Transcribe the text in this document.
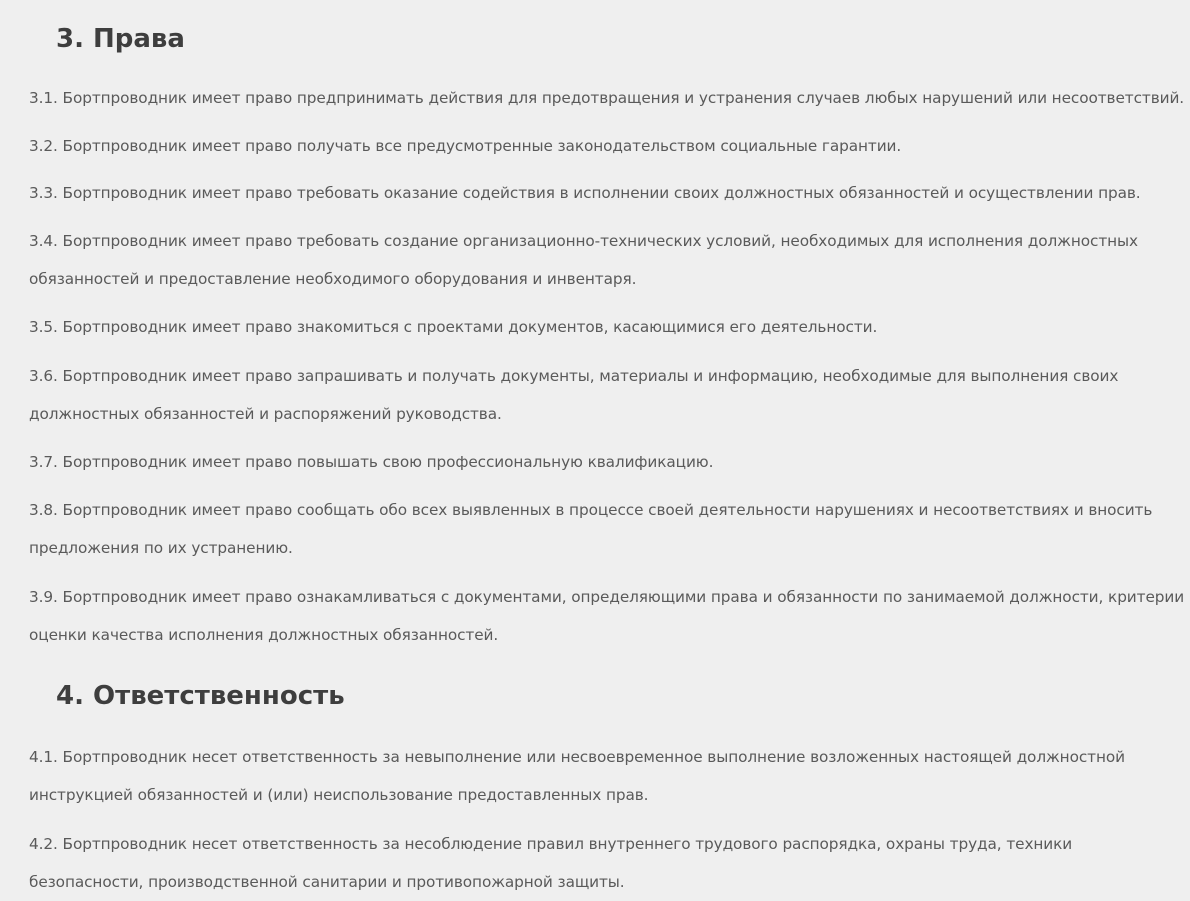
3. Права

3.1. Бортпроводник имеет право предпринимать действия для предотвращения и устранения случаев любых нарушений или несоответствий.

3.2. Бортпроводник имеет право получать все предусмотренные законодательством социальные гарантии.

3.3. Бортпроводник имеет право требовать оказание содействия в исполнении своих должностных обязанностей и осуществлении прав.

3.4. Бортпроводник имеет право требовать создание организационно-технических условий, необходимых для исполнения должностных обязанностей и предоставление необходимого оборудования и инвентаря.

3.5. Бортпроводник имеет право знакомиться с проектами документов, касающимися его деятельности.

3.6. Бортпроводник имеет право запрашивать и получать документы, материалы и информацию, необходимые для выполнения своих должностных обязанностей и распоряжений руководства.

3.7. Бортпроводник имеет право повышать свою профессиональную квалификацию.

3.8. Бортпроводник имеет право сообщать обо всех выявленных в процессе своей деятельности нарушениях и несоответствиях и вносить предложения по их устранению.

3.9. Бортпроводник имеет право ознакамливаться с документами, определяющими права и обязанности по занимаемой должности, критерии оценки качества исполнения должностных обязанностей.

4. Ответственность

4.1. Бортпроводник несет ответственность за невыполнение или несвоевременное выполнение возложенных настоящей должностной инструкцией обязанностей и (или) неиспользование предоставленных прав.

4.2. Бортпроводник несет ответственность за несоблюдение правил внутреннего трудового распорядка, охраны труда, техники безопасности, производственной санитарии и противопожарной защиты.
